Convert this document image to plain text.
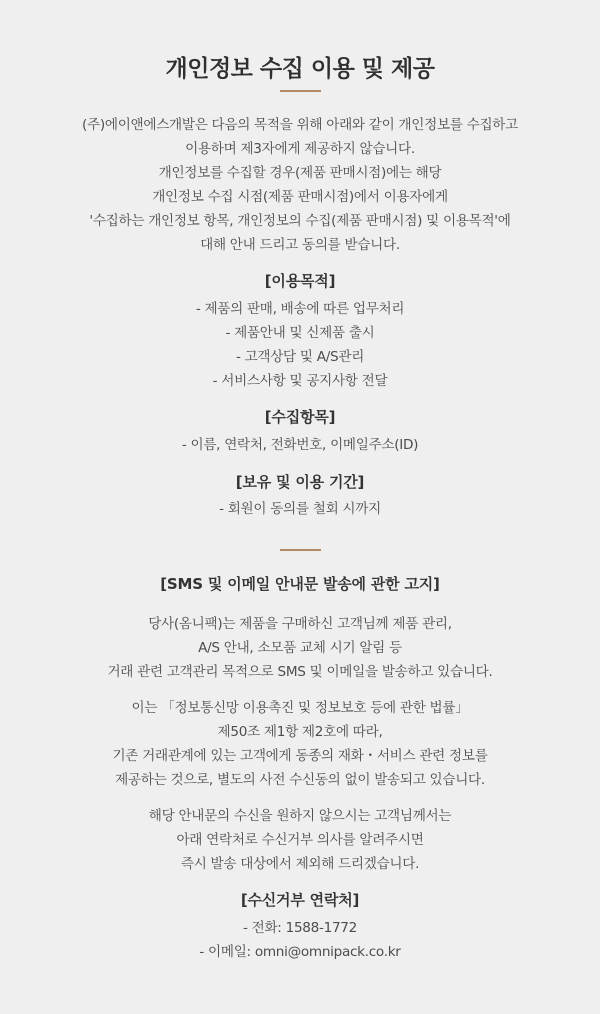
개인정보 수집 이용 및 제공
(주)에이앤에스개발은 다음의 목적을 위해 아래와 같이 개인정보를 수집하고
이용하며 제3자에게 제공하지 않습니다.
개인정보를 수집할 경우(제품 판매시점)에는 해당
개인정보 수집 시점(제품 판매시점)에서 이용자에게
'수집하는 개인정보 항목, 개인정보의 수집(제품 판매시점) 및 이용목적'에
대해 안내 드리고 동의를 받습니다.
[이용목적]
- 제품의 판매, 배송에 따른 업무처리
- 제품안내 및 신제품 출시
- 고객상담 및 A/S관리
- 서비스사항 및 공지사항 전달
[수집항목]
- 이름, 연락처, 전화번호, 이메일주소(ID)
[보유 및 이용 기간]
- 회원이 동의를 철회 시까지
[SMS 및 이메일 안내문 발송에 관한 고지]
당사(옴니팩)는 제품을 구매하신 고객님께 제품 관리,
A/S 안내, 소모품 교체 시기 알림 등
거래 관련 고객관리 목적으로 SMS 및 이메일을 발송하고 있습니다.
이는 「정보통신망 이용촉진 및 정보보호 등에 관한 법률」
제50조 제1항 제2호에 따라,
기존 거래관계에 있는 고객에게 동종의 재화・서비스 관련 정보를
제공하는 것으로, 별도의 사전 수신동의 없이 발송되고 있습니다.
해당 안내문의 수신을 원하지 않으시는 고객님께서는
아래 연락처로 수신거부 의사를 알려주시면
즉시 발송 대상에서 제외해 드리겠습니다.
[수신거부 연락처]
- 전화: 1588-1772
- 이메일: omni@omnipack.co.kr
